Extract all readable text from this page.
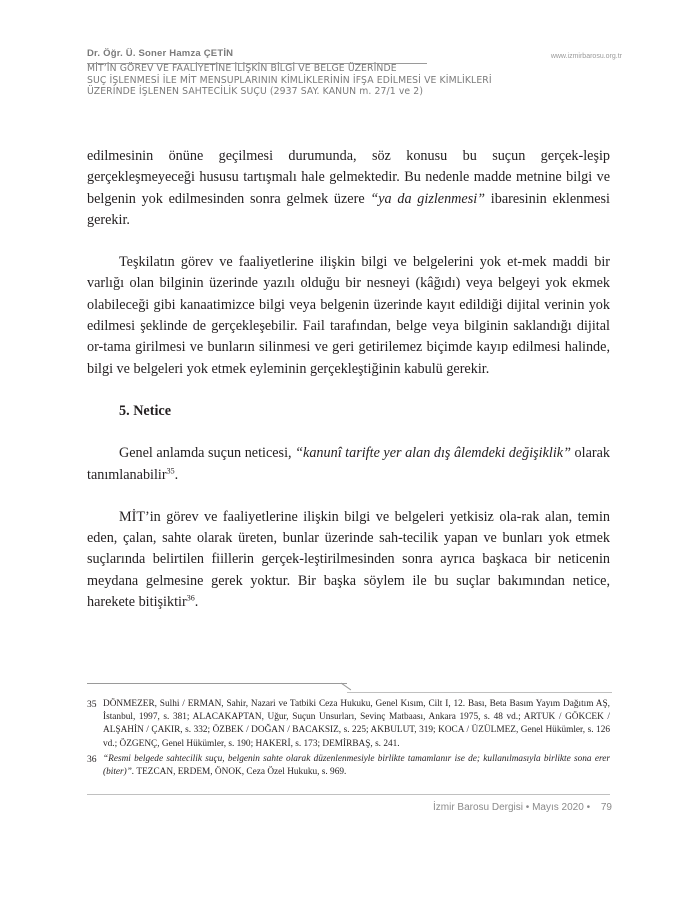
Dr. Öğr. Ü. Soner Hamza ÇETİN	www.izmirbarosu.org.tr
MİT’İN GÖREV VE FAALİYETİNE İLİŞKİN BİLGİ VE BELGE ÜZERİNDE
SUÇ İŞLENMESİ İLE MİT MENSUPLARININ KİMLİKLERİNİN İFŞA EDİLMESİ VE KİMLİKLERİ
ÜZERİNDE İŞLENEN SAHTECİLİK SUÇU (2937 SAY. KANUN m. 27/1 ve 2)

edilmesinin önüne geçilmesi durumunda, söz konusu bu suçun gerçek-leşip gerçekleşmeyeceği hususu tartışmalı hale gelmektedir. Bu nedenle madde metnine bilgi ve belgenin yok edilmesinden sonra gelmek üzere “ya da gizlenmesi” ibaresinin eklenmesi gerekir.

Teşkilatın görev ve faaliyetlerine ilişkin bilgi ve belgelerini yok et-mek maddi bir varlığı olan bilginin üzerinde yazılı olduğu bir nesneyi (kâğıdı) veya belgeyi yok ekmek olabileceği gibi kanaatimizce bilgi veya belgenin üzerinde kayıt edildiği dijital verinin yok edilmesi şeklinde de gerçekleşebilir. Fail tarafından, belge veya bilginin saklandığı dijital or-tama girilmesi ve bunların silinmesi ve geri getirilemez biçimde kayıp edilmesi halinde, bilgi ve belgeleri yok etmek eyleminin gerçekleştiğinin kabulü gerekir.

5. Netice

Genel anlamda suçun neticesi, “kanunî tarifte yer alan dış âlemdeki değişiklik” olarak tanımlanabilir$^{35}$.

MİT’in görev ve faaliyetlerine ilişkin bilgi ve belgeleri yetkisiz ola-rak alan, temin eden, çalan, sahte olarak üreten, bunlar üzerinde sah-tecilik yapan ve bunları yok etmek suçlarında belirtilen fiillerin gerçek-leştirilmesinden sonra ayrıca başkaca bir neticenin meydana gelmesine gerek yoktur. Bir başka söylem ile bu suçlar bakımından netice, harekete bitişiktir$^{36}$.

35 DÖNMEZER, Sulhi / ERMAN, Sahir, Nazari ve Tatbiki Ceza Hukuku, Genel Kısım, Cilt I, 12. Bası, Beta Basım Yayım Dağıtım AŞ, İstanbul, 1997, s. 381; ALACAKAPTAN, Uğur, Suçun Unsurları, Sevinç Matbaası, Ankara 1975, s. 48 vd.; ARTUK / GÖKCEK / ALŞAHİN / ÇAKIR, s. 332; ÖZBEK / DOĞAN / BACAKSIZ, s. 225; AKBULUT, 319; KOCA / ÜZÜLMEZ, Genel Hükümler, s. 126 vd.; ÖZGENÇ, Genel Hükümler, s. 190; HAKERİ, s. 173; DEMİRBAŞ, s. 241.
36 “Resmi belgede sahtecilik suçu, belgenin sahte olarak düzenlenmesiyle birlikte tamamlanır ise de; kullanılmasıyla birlikte sona erer (biter)”. TEZCAN, ERDEM, ÖNOK, Ceza Özel Hukuku, s. 969.
İzmir Barosu Dergisi • Mayıs 2020 • 79
